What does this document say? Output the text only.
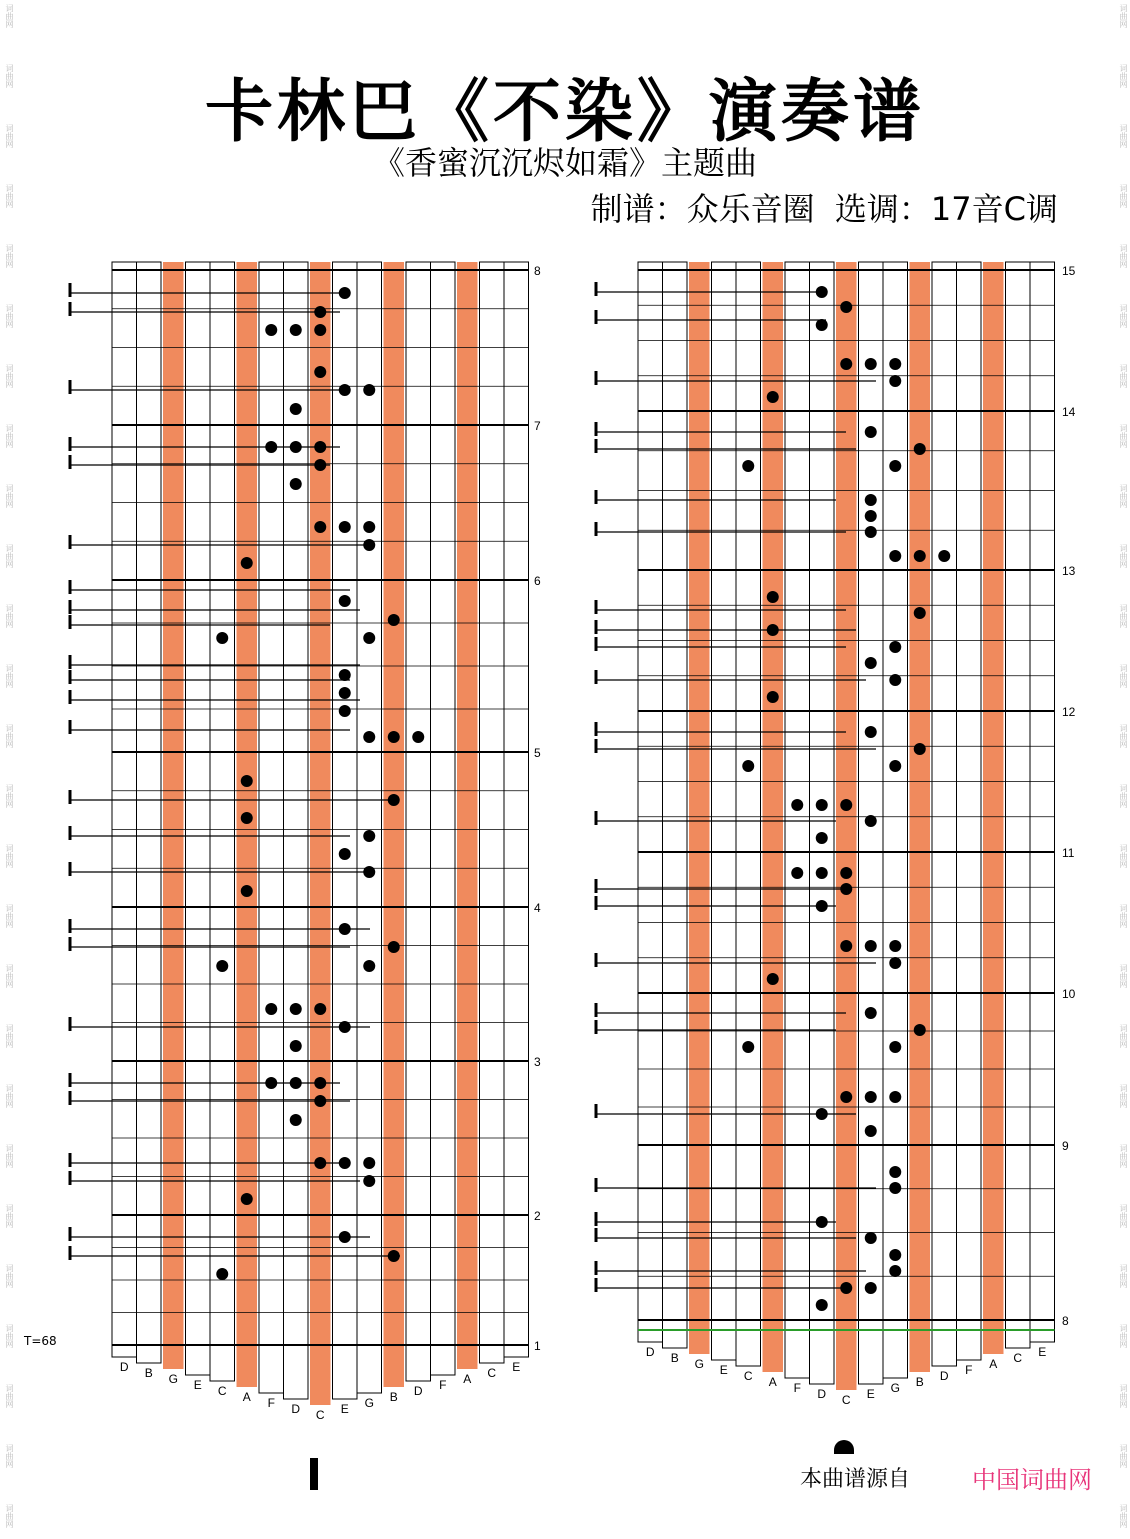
词曲网
词曲网
词曲网
词曲网
词曲网
词曲网
词曲网
词曲网
词曲网
词曲网
词曲网
词曲网
词曲网
词曲网
词曲网
词曲网
词曲网
词曲网
词曲网
词曲网
词曲网
词曲网
词曲网
词曲网
词曲网
词曲网
词曲网
词曲网
词曲网
词曲网
词曲网
词曲网
词曲网
词曲网
词曲网
词曲网
词曲网
词曲网
词曲网
词曲网
词曲网
词曲网
词曲网
词曲网
词曲网
词曲网
词曲网
词曲网
词曲网
词曲网
词曲网
词曲网
卡林巴《不染》演奏谱
《香蜜沉沉烬如霜》主题曲
制谱：众乐音圈  选调：17音C调
D B G E C A F D C E G B D F A C E
8
7
6
5
4
3
2
1	D B G E C A F D C E G B D F A C E
15
14
13
12
11
10
9
8
T=68
本曲谱源自	中国词曲网
